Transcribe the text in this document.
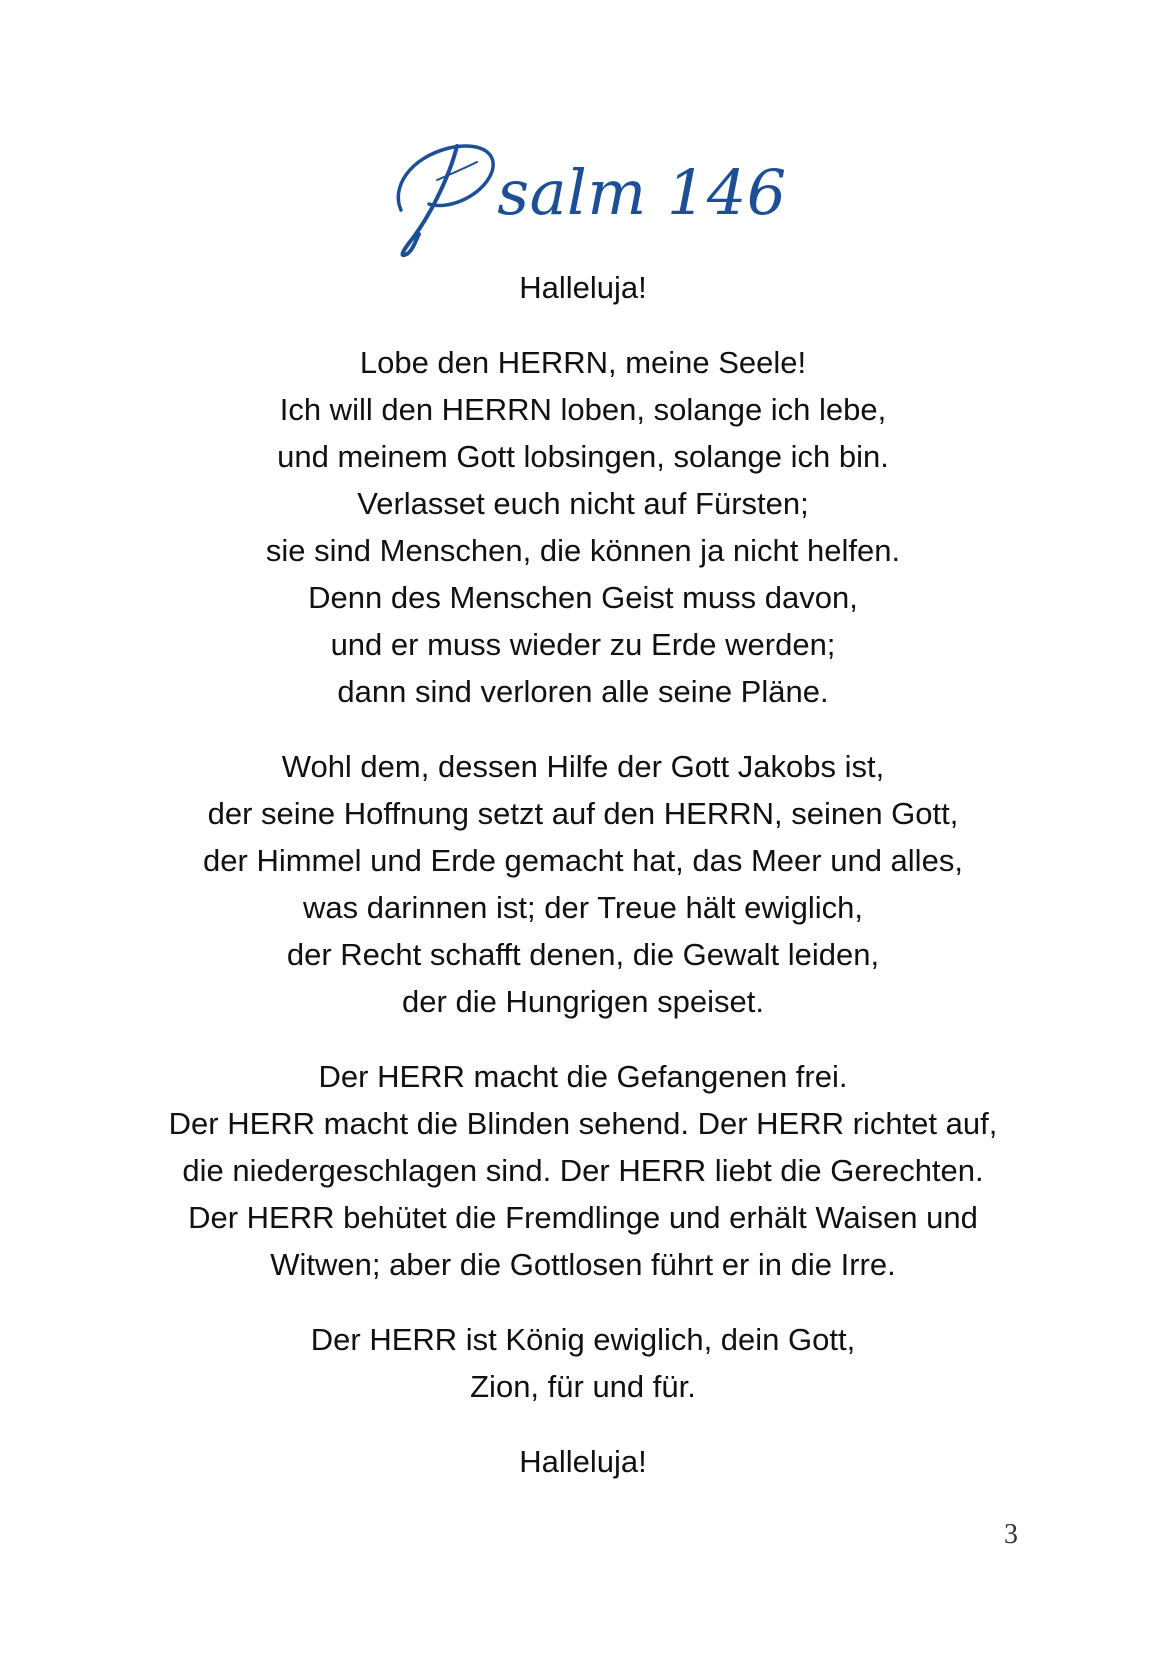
salm 146
Halleluja!
Lobe den HERRN, meine Seele!
Ich will den HERRN loben, solange ich lebe,
und meinem Gott lobsingen, solange ich bin.
Verlasset euch nicht auf Fürsten;
sie sind Menschen, die können ja nicht helfen.
Denn des Menschen Geist muss davon,
und er muss wieder zu Erde werden;
dann sind verloren alle seine Pläne.
Wohl dem, dessen Hilfe der Gott Jakobs ist,
der seine Hoffnung setzt auf den HERRN, seinen Gott,
der Himmel und Erde gemacht hat, das Meer und alles,
was darinnen ist; der Treue hält ewiglich,
der Recht schafft denen, die Gewalt leiden,
der die Hungrigen speiset.
Der HERR macht die Gefangenen frei.
Der HERR macht die Blinden sehend. Der HERR richtet auf,
die niedergeschlagen sind. Der HERR liebt die Gerechten.
Der HERR behütet die Fremdlinge und erhält Waisen und
Witwen; aber die Gottlosen führt er in die Irre.
Der HERR ist König ewiglich, dein Gott,
Zion, für und für.
Halleluja!
3
